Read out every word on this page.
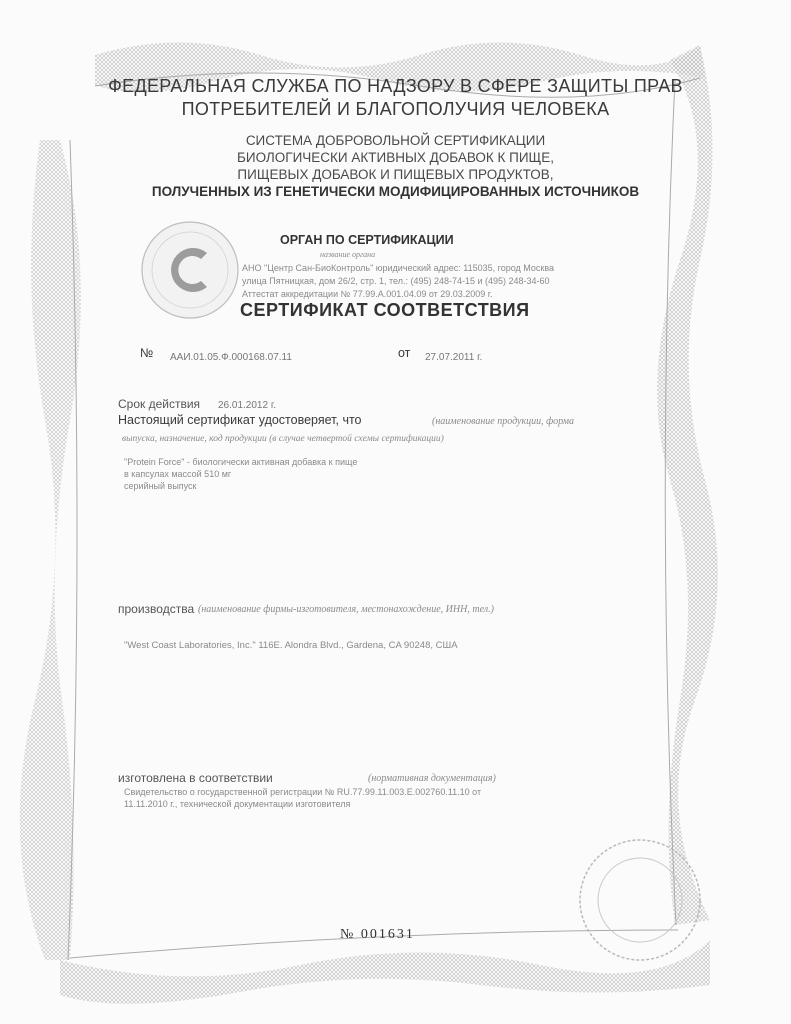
ФЕДЕРАЛЬНАЯ СЛУЖБА ПО НАДЗОРУ В СФЕРЕ ЗАЩИТЫ ПРАВ
ПОТРЕБИТЕЛЕЙ И БЛАГОПОЛУЧИЯ ЧЕЛОВЕКА
СИСТЕМА ДОБРОВОЛЬНОЙ СЕРТИФИКАЦИИ
БИОЛОГИЧЕСКИ АКТИВНЫХ ДОБАВОК К ПИЩЕ,
ПИЩЕВЫХ ДОБАВОК И ПИЩЕВЫХ ПРОДУКТОВ,
ПОЛУЧЕННЫХ ИЗ ГЕНЕТИЧЕСКИ МОДИФИЦИРОВАННЫХ ИСТОЧНИКОВ
ОРГАН ПО СЕРТИФИКАЦИИ
название органа
АНО "Центр Сан-БиоКонтроль" юридический адрес: 115035, город Москва
улица Пятницкая, дом 26/2, стр. 1, тел.: (495) 248-74-15 и (495) 248-34-60
Аттестат аккредитации № 77.99.А.001.04.09 от 29.03.2009 г.
СЕРТИФИКАТ СООТВЕТСТВИЯ
№ ААИ.01.05.Ф.000168.07.11	от 27.07.2011 г.
Срок действия 26.01.2012 г.
Настоящий сертификат удостоверяет, что	(наименование продукции, форма
выпуска, назначение, код продукции (в случае четвертой схемы сертификации)
"Protein Force" - биологически активная добавка к пище
в капсулах массой 510 мг
серийный выпуск
производства (наименование фирмы-изготовителя, местонахождение, ИНН, тел.)
"West Coast Laboratories, Inc." 116E. Alondra Blvd., Gardena, CA 90248, США
изготовлена в соответствии	(нормативная документация)
Свидетельство о государственной регистрации № RU.77.99.11.003.Е.002760.11.10 от
11.11.2010 г., технической документации изготовителя
№ 001631
